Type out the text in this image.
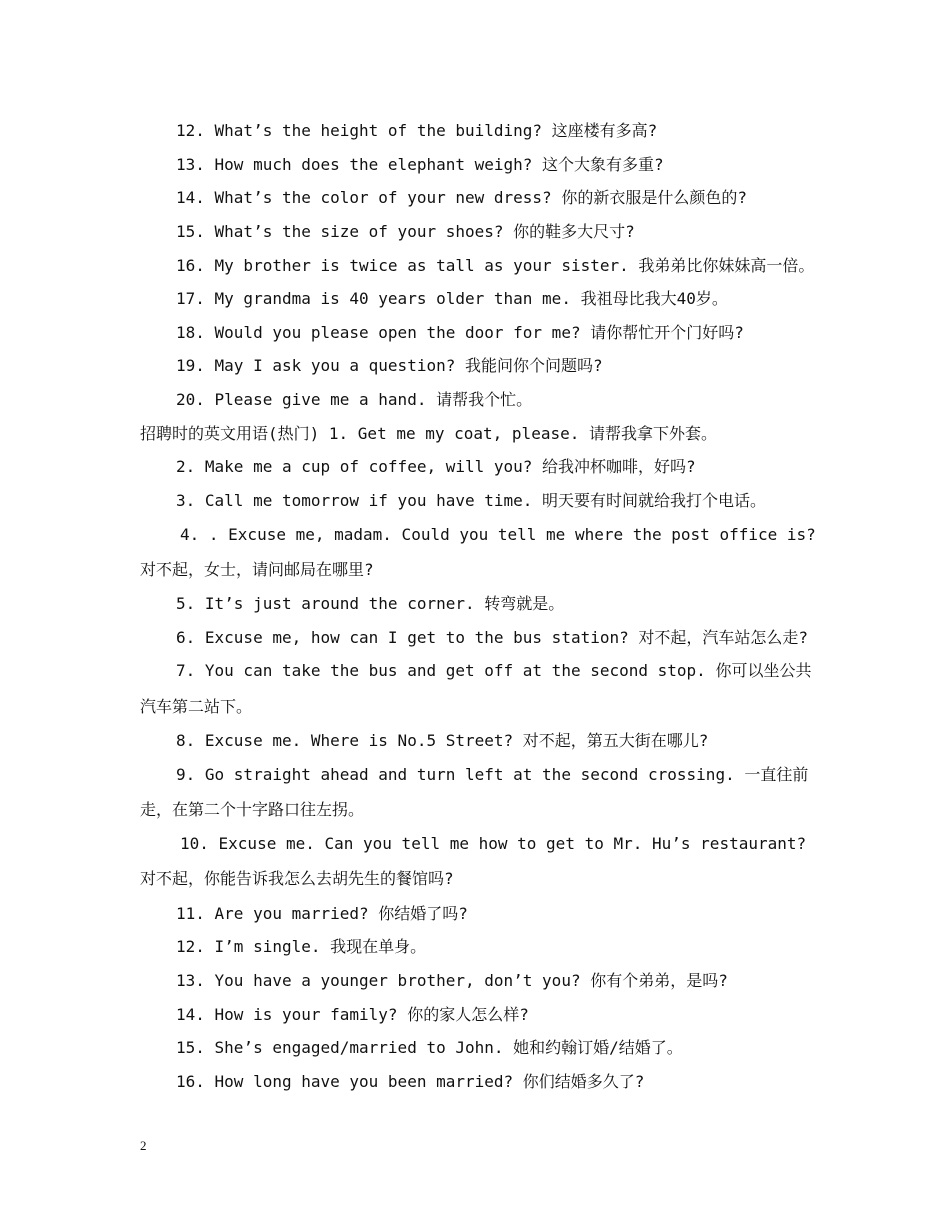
12. What’s the height of the building? 这座楼有多高?
13. How much does the elephant weigh? 这个大象有多重?
14. What’s the color of your new dress? 你的新衣服是什么颜色的?
15. What’s the size of your shoes? 你的鞋多大尺寸?
16. My brother is twice as tall as your sister. 我弟弟比你妹妹高一倍。
17. My grandma is 40 years older than me. 我祖母比我大40岁。
18. Would you please open the door for me? 请你帮忙开个门好吗?
19. May I ask you a question? 我能问你个问题吗?
20. Please give me a hand. 请帮我个忙。
招聘时的英文用语(热门) 1. Get me my coat, please. 请帮我拿下外套。
2. Make me a cup of coffee, will you? 给我冲杯咖啡，好吗?
3. Call me tomorrow if you have time. 明天要有时间就给我打个电话。
4. . Excuse me, madam. Could you tell me where the post office is?
对不起，女士，请问邮局在哪里?
5. It’s just around the corner. 转弯就是。
6. Excuse me, how can I get to the bus station? 对不起，汽车站怎么走?
7. You can take the bus and get off at the second stop. 你可以坐公共
汽车第二站下。
8. Excuse me. Where is No.5 Street? 对不起，第五大街在哪儿?
9. Go straight ahead and turn left at the second crossing. 一直往前
走，在第二个十字路口往左拐。
10. Excuse me. Can you tell me how to get to Mr. Hu’s restaurant?
对不起，你能告诉我怎么去胡先生的餐馆吗?
11. Are you married? 你结婚了吗?
12. I’m single. 我现在单身。
13. You have a younger brother, don’t you? 你有个弟弟，是吗?
14. How is your family? 你的家人怎么样?
15. She’s engaged/married to John. 她和约翰订婚/结婚了。
16. How long have you been married? 你们结婚多久了?
2
